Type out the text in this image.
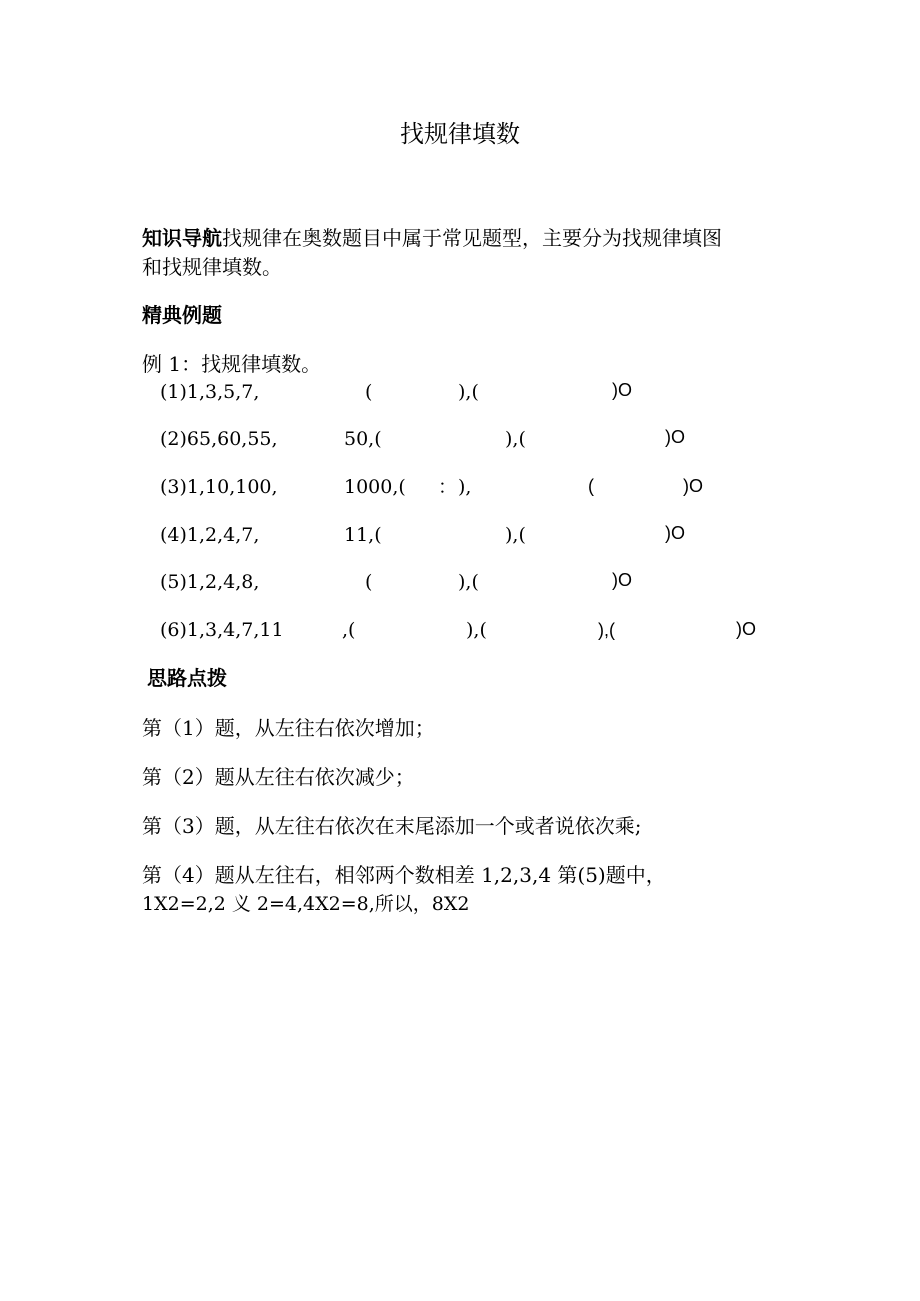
找规律填数
知识导航找规律在奥数题目中属于常见题型，主要分为找规律填图
和找规律填数。
精典例题
例 1：找规律填数。
(1)1,3,5,7,	(	),(	)O
(2)65,60,55,	50,(	),(	)O
(3)1,10,100,	1000,( ： ),	(	)O
(4)1,2,4,7,	11,(	),(	)O
(5)1,2,4,8,	(	),(	)O
(6)1,3,4,7,11	,(	),(	),(	)O
思路点拨
第（1）题，从左往右依次增加；
第（2）题从左往右依次减少；
第（3）题，从左往右依次在末尾添加一个或者说依次乘;
第（4）题从左往右，相邻两个数相差 1,2,3,4 第(5)题中，
1X2=2,2 义 2=4,4X2=8,所以，8X2
